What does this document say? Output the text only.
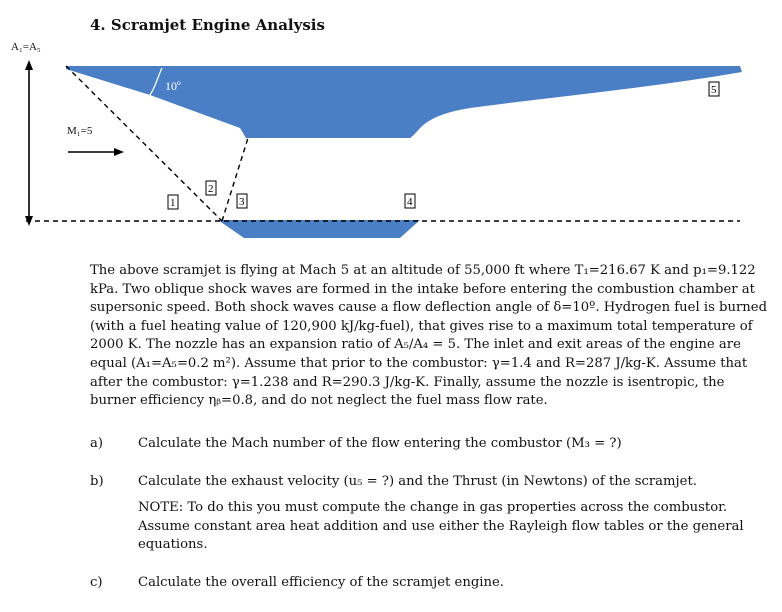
4. Scramjet Engine Analysis
A₁=A₅
10º
M₁=5
1
2
3	4
5
The above scramjet is flying at Mach 5 at an altitude of 55,000 ft where T₁=216.67 K and p₁=9.122 kPa. Two oblique shock waves are formed in the intake before entering the combustion chamber at supersonic speed. Both shock waves cause a flow deflection angle of δ=10º. Hydrogen fuel is burned (with a fuel heating value of 120,900 kJ/kg-fuel), that gives rise to a maximum total temperature of 2000 K. The nozzle has an expansion ratio of A₅/A₄ = 5. The inlet and exit areas of the engine are equal (A₁=A₅=0.2 m²). Assume that prior to the combustor: γ=1.4 and R=287 J/kg-K. Assume that after the combustor: γ=1.238 and R=290.3 J/kg-K. Finally, assume the nozzle is isentropic, the burner efficiency ηᵦ=0.8, and do not neglect the fuel mass flow rate.
a)	Calculate the Mach number of the flow entering the combustor (M₃ = ?)
b)	Calculate the exhaust velocity (u₅ = ?) and the Thrust (in Newtons) of the scramjet.
NOTE: To do this you must compute the change in gas properties across the combustor. Assume constant area heat addition and use either the Rayleigh flow tables or the general equations.
c)	Calculate the overall efficiency of the scramjet engine.
